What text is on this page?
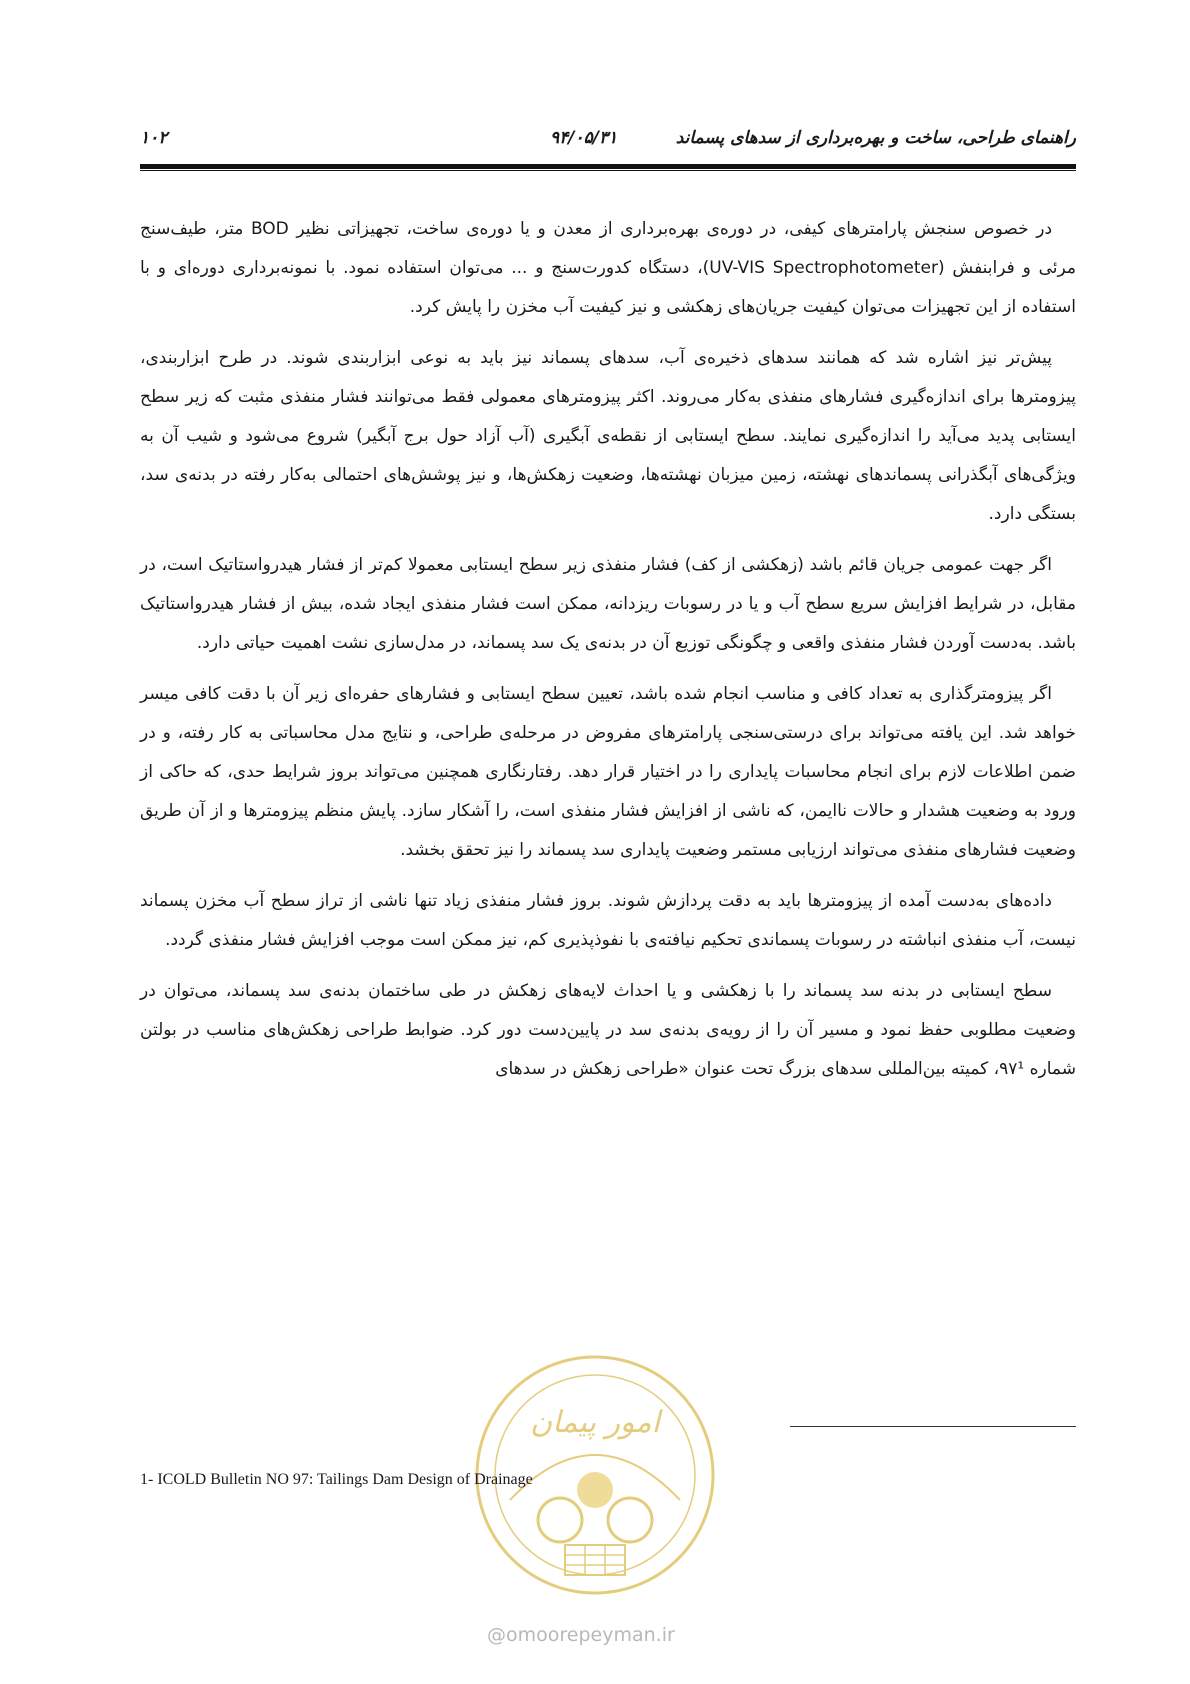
۱۰۲	۹۴/۰۵/۳۱	راهنمای طراحی، ساخت و بهره‌برداری از سدهای پسماند

در خصوص سنجش پارامترهای کیفی، در دوره‌ی بهره‌برداری از معدن و یا دوره‌ی ساخت، تجهیزاتی نظیر BOD متر، طیف‌سنج مرئی و فرابنفش (UV-VIS Spectrophotometer)، دستگاه کدورت‌سنج و ... می‌توان استفاده نمود. با نمونه‌برداری دوره‌ای و با استفاده از این تجهیزات می‌توان کیفیت جریان‌های زهکشی و نیز کیفیت آب مخزن را پایش کرد.

پیش‌تر نیز اشاره شد که همانند سدهای ذخیره‌ی آب، سدهای پسماند نیز باید به نوعی ابزاربندی شوند. در طرح ابزاربندی، پیزومترها برای اندازه‌گیری فشارهای منفذی به‌کار می‌روند. اکثر پیزومترهای معمولی فقط می‌توانند فشار منفذی مثبت که زیر سطح ایستابی پدید می‌آید را اندازه‌گیری نمایند. سطح ایستابی از نقطه‌ی آبگیری (آب آزاد حول برج آبگیر) شروع می‌شود و شیب آن به ویژگی‌های آبگذرانی پسماندهای نهشته، زمین میزبان نهشته‌ها، وضعیت زهکش‌ها، و نیز پوشش‌های احتمالی به‌کار رفته در بدنه‌ی سد، بستگی دارد.

اگر جهت عمومی جریان قائم باشد (زهکشی از کف) فشار منفذی زیر سطح ایستابی معمولا کم‌تر از فشار هیدرواستاتیک است، در مقابل، در شرایط افزایش سریع سطح آب و یا در رسوبات ریزدانه، ممکن است فشار منفذی ایجاد شده، بیش از فشار هیدرواستاتیک باشد. به‌دست آوردن فشار منفذی واقعی و چگونگی توزیع آن در بدنه‌ی یک سد پسماند، در مدل‌سازی نشت اهمیت حیاتی دارد.

اگر پیزومترگذاری به تعداد کافی و مناسب انجام شده باشد، تعیین سطح ایستابی و فشارهای حفره‌ای زیر آن با دقت کافی میسر خواهد شد. این یافته می‌تواند برای درستی‌سنجی پارامترهای مفروض در مرحله‌ی طراحی، و نتایج مدل محاسباتی به کار رفته، و در ضمن اطلاعات لازم برای انجام محاسبات پایداری را در اختیار قرار دهد. رفتارنگاری همچنین می‌تواند بروز شرایط حدی، که حاکی از ورود به وضعیت هشدار و حالات ناایمن، که ناشی از افزایش فشار منفذی است، را آشکار سازد. پایش منظم پیزومترها و از آن طریق وضعیت فشارهای منفذی می‌تواند ارزیابی مستمر وضعیت پایداری سد پسماند را نیز تحقق بخشد.

داده‌های به‌دست آمده از پیزومترها باید به دقت پردازش شوند. بروز فشار منفذی زیاد تنها ناشی از تراز سطح آب مخزن پسماند نیست، آب منفذی انباشته در رسوبات پسماندی تحکیم نیافته‌ی با نفوذپذیری کم، نیز ممکن است موجب افزایش فشار منفذی گردد.

سطح ایستابی در بدنه سد پسماند را با زهکشی و یا احداث لایه‌های زهکش در طی ساختمان بدنه‌ی سد پسماند، می‌توان در وضعیت مطلوبی حفظ نمود و مسیر آن را از رویه‌ی بدنه‌ی سد در پایین‌دست دور کرد. ضوابط طراحی زهکش‌های مناسب در بولتن شماره ۹۷¹، کمیته بین‌المللی سدهای بزرگ تحت عنوان «طراحی زهکش در سدهای

امور پیمان
1- ICOLD Bulletin NO 97: Tailings Dam Design of Drainage
@omoorepeyman.ir
